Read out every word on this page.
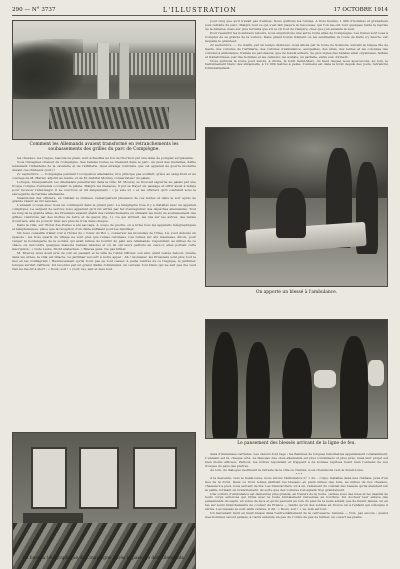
290 — N° 3737	L'ILLUSTRATION	17 OCTOBRE 1914
Comment les Allemands avaient transformé en retranchements les soubassements des grilles du parc de Compiègne.

les chevaux, les rouges, basculé de plain, sont échauffés au fon de l'horizon par une lame de pompier surgissante.

Vous l'imaginez chaleur de Compiègne. Ses bandes toutes se dressent dans le parc. Au pied des murailles, défile lentement l'infanterie de la cavalerie et de l'artillerie. Quel étrange contraste que cet appareil de guerre moderne devant ces châteaux (voir) !

21 septembre. — Compiègne pendant l'occupation allemande, m'a principe pas souffert, grâce au sang-froid et au courage de M. Mariet, adjoint au maire, et de M. Gabriel Monrey, conservateur du palais.

Lorsque, brusquement, les Allemands pénétrèrent dans la ville, M. Mourey se trouvait séjourné au palais par une troupe rompue d'ennemis occupant le plaine. Malgré les menaces, il put se frayer un passage et offrir aussi à temps pour recevoir l'état-major. Il se courroux et dit simplement : « Je suis ici » et les officiers qu'il conduisit sous la sauvegarde de l'armée allemande.

Néanmoins des officiers, en visitant le château, remarquèrent plusieurs de ces tentes et dans le soir après de grande valeur au fut sauvées.

L'ennemi occupa avec nous un contingent dans le grand parc. Le télégraphe rose il y a installés avec un appareil compliqué. Le sergent de service nous apparent qu'il fut arrivé par fer d'enregistrer des dépêches allemandes. Tout au long de la grande allée, les Prussiens avaient établi des retranchements en utilisant les murs de soubassement des grilles, renforcés par des mottes de terre et de gazon (fig. 1). Ce qui arrivait, les uns sur les autres, des tables d'ouvriers, afin de pouvoir tirer aux plus de trois dans chaque.

Dans la ville, sur l'hôtel des Postes a été saccagé. À coups de pioche, on a brisé tous les appareils télégraphiques et téléphoniques, pièce que la réception d'un câble suffisant pour les inutiliser.

On nous conseilla d'aller voir à l'hôtel du « Cœur du Roi », conserver les incendies de l'Oise. Là, s'est déroulé un épisode : les trois quarts du village ne vont plus que ruines calcinées. Ces ruines sur été insensées, dit-on, pour venger la boulangerie de la société qui avait refusé de fournir du pain aux Allemands. Cependant, au milieu de ce chaos, on rencontre quelques maisons restées intactes et où ils ont leurs patrons en ceux-ci, elles portent cette inscription : « Gute Leute. Nicht anstecken. » Braves gens. Ne pas brûler.

M. Mourey nous avait prié de voir en passant et la villa de l'abbé Ollivier, son ami, étant restée debout. Guérie dans les urnes, la villa est intacte. Le jardinier accourt à notre appel : Ah ! monsieur, les Prussiens sont plus tout le lieu en les conflagrant ! Heureusement qu'ils n'ont pas pu tout casser. À peine rentrés de ce tragique, le jardinier, lorsque survint l'affreux, fut reconnu par un grand diable d'Allemand, un cerveau tout blanc qui ne suit que me veut rien ne me dit à mort : « Doux, soit ! » (voir, va), lent et mes tout.

Le bureau télégraphique de Compiègne après le passage des Allemands.

pour cinq que qu'il n'avait pas d'armes. Nous quittons les rundes. À trois heures, 1 900 d'hommes et grenadiers puis retraite du parc. Malgré tout ce qui s'est fait jusqu'à la rescousse, qui l'on me ont tout quelques tenté la reprise de la défense, mais sur plus terrains que s'il le vit tout de l'empire, chez que j'en entends la nuit.

Pour ressentir les nombreux retours, nous empruntons une autre route allée de Compiègne. Les ruines sont vues à Complet de sa grande de la voiture. Dans grand bonds trainent où les sentinelles, la route de Paris s'y heurte, sur laquelle le grandeur.

22 septembre. — Ce matin, par un temps délicieux, nous allons par la route de Soissons, suivant la longue file de Sauts, des voitures de l'artillerie, des voitures d'ambulance, auxquelles, des étuis, des tentes et les colonnes des voitures à ambulance, trainés au par-dessus, que de bœufs entiers, de gros vigies des bandes ainsi organisées, faibles et transformées, par des hommes et les camions, les soldats, en parfaite, entre eux, forment.

Nous quittons la route pour suivre, à droite, la forêt Saint-Marc, du haut duquel nous apercevons, au loin, le ballonnement blanc des shrapnells, à 12 000 mètres à peine. L'ennemi est dans la forêt depuis des jours, retranché formidablement.

On apporte un blessé à l'ambulance.
Le pansement des blessés arrivant de la ligne de feu.

dans d'immenses carrières. Les canons font rage ; les flammes de longues baïonnettes apparaissent constamment. L'ennemi est là, chaque côté. Le faisceau des obus allemands est plus volumineux et plus près, mais leur projet est bien moins efficace. Partout, les nôtres répondent et frappent à de bonnes reprises tuant bien l'ennemi de nos troupes du pays des pierres.

Au loin, du dialogue restituant la retraite de la ville ou Natura, nous cheminons vers le Soleil-Lune.

* * *

À la descente, vers le Soleil-Lune, nous avions l'ambulance n° 1 du... corps, installée dans une chênaie, près d'un lieu de la forêt. Deux ou trois tentes abritent les blessés, en plein milieu des bois, au milieu de nos chevaux, chasseurs à pied, nous servent de lits. Les brancardiers, un à un, ramènent du combat des blessés qu'ils étendent sur la paille, formant un branchement, de sorte que des voitures s'éloignent trop grandement.

Une voiture d'ambulance est demeurée plus grande, en travers de la route, cachée sous des nues et les dessins de leurs corps enfoncés qui brûle avec la foule brutalement renversée en bordure. Un docteur leur enlève des pansements du sapin, en volée de sacs et qu'ils peuvent au loin du pied de la belle autant que ils furent blessé, un en tas sur leurs branchements de couleur de France — tandis qu'un des soldats en trouve un à l'enfant qui s'éloigne il arrive. Les blessés se sont enfin rendus, il dit : « Doux, soit ! » va, lent est tout.

Un lieutenant tient en main blessé dans l'entre-bâillement de la carrosserie, ramené — Non, pas encore ; quand mes hommes seront pansés, à Carré entende un peu de l'ordre de pas de fermer, un ouvert les plains.
